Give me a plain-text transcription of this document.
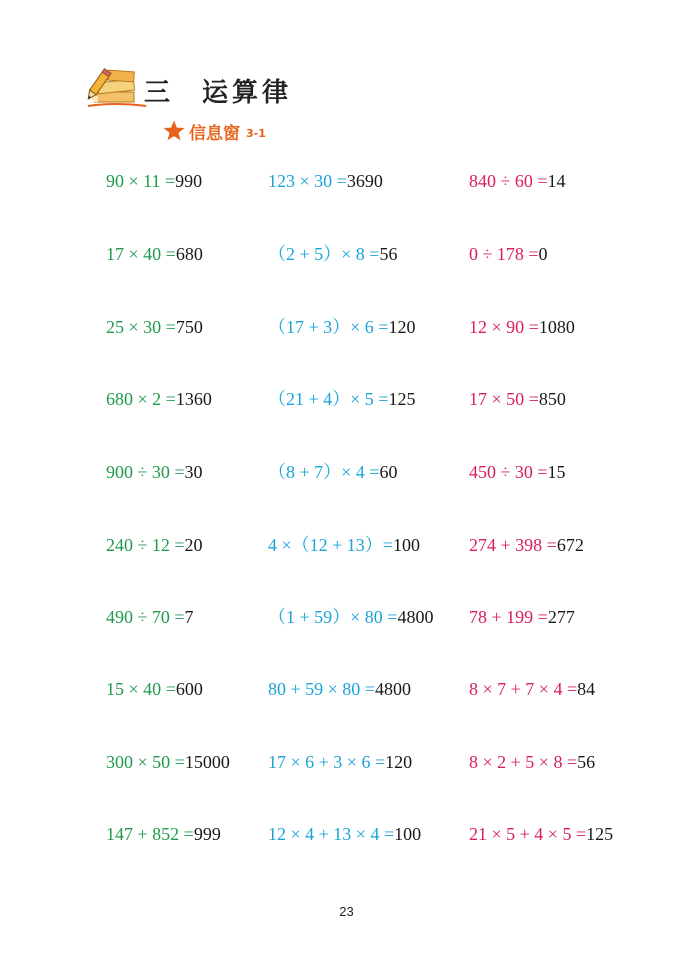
三 运算律
信息窗 3-1
90 × 11 =990
17 × 40 =680
25 × 30 =750
680 × 2 =1360
900 ÷ 30 =30
240 ÷ 12 =20
490 ÷ 70 =7
15 × 40 =600
300 × 50 =15000
147 + 852 =999
123 × 30 =3690
（2 + 5）× 8 =56
（17 + 3）× 6 =120
（21 + 4）× 5 =125
（8 + 7）× 4 =60
4 ×（12 + 13）=100
（1 + 59）× 80 =4800
80 + 59 × 80 =4800
17 × 6 + 3 × 6 =120
12 × 4 + 13 × 4 =100
840 ÷ 60 =14
0 ÷ 178 =0
12 × 90 =1080
17 × 50 =850
450 ÷ 30 =15
274 + 398 =672
78 + 199 =277
8 × 7 + 7 × 4 =84
8 × 2 + 5 × 8 =56
21 × 5 + 4 × 5 =125
23
